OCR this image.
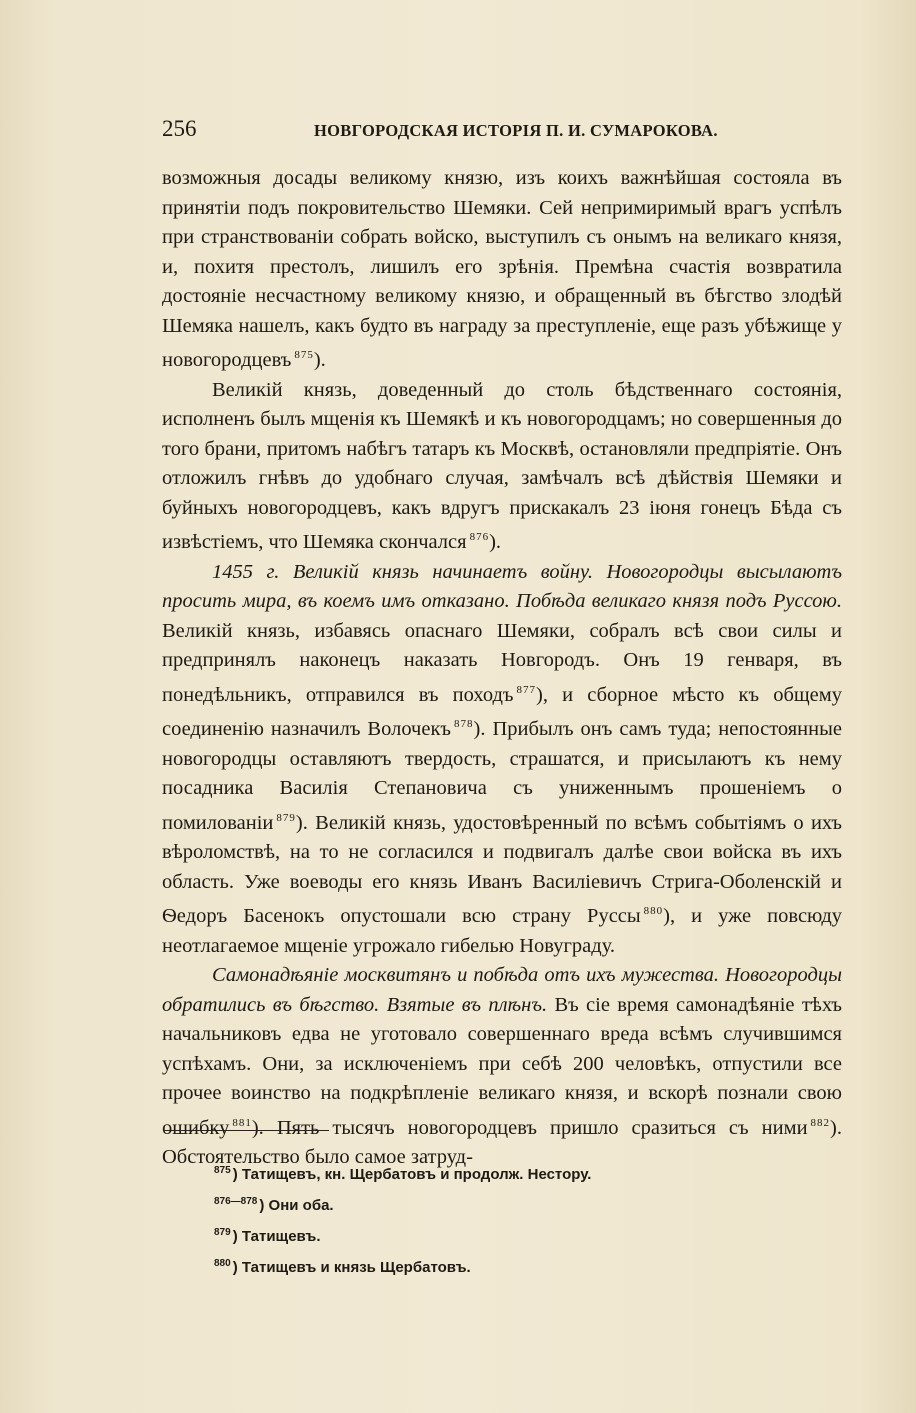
256	НОВГОРОДСКАЯ ИСТОРІЯ П. И. СУМАРОКОВА.

возможныя досады великому князю, изъ коихъ важнѣйшая состояла въ принятіи подъ покровительство Шемяки. Сей непримиримый врагъ успѣлъ при странствованіи собрать войско, выступилъ съ онымъ на великаго князя, и, похитя престолъ, лишилъ его зрѣнія. Премѣна счастія возвратила достояніе несчастному великому князю, и обращенный въ бѣгство злодѣй Шемяка нашелъ, какъ будто въ награду за преступленіе, еще разъ убѣжище у новогородцевъ $^{875}$).

Великій князь, доведенный до столь бѣдственнаго состоянія, исполненъ былъ мщенія къ Шемякѣ и къ новогородцамъ; но совершенныя до того брани, притомъ набѣгъ татаръ къ Москвѣ, остановляли предпріятіе. Онъ отложилъ гнѣвъ до удобнаго случая, замѣчалъ всѣ дѣйствія Шемяки и буйныхъ новогородцевъ, какъ вдругъ прискакалъ 23 іюня гонецъ Бѣда съ извѣстіемъ, что Шемяка скончался $^{876}$).

1455 г. Великій князь начинаетъ войну. Новогородцы высылаютъ просить мира, въ коемъ имъ отказано. Побѣда великаго князя подъ Руссою. Великій князь, избавясь опаснаго Шемяки, собралъ всѣ свои силы и предпринялъ наконецъ наказать Новгородъ. Онъ 19 генваря, въ понедѣльникъ, отправился въ походъ $^{877}$), и сборное мѣсто къ общему соединенію назначилъ Волочекъ $^{878}$). Прибылъ онъ самъ туда; непостоянные новогородцы оставляютъ твердость, страшатся, и присылаютъ къ нему посадника Василія Степановича съ униженнымъ прошеніемъ о помилованіи $^{879}$). Великій князь, удостовѣренный по всѣмъ событіямъ о ихъ вѣроломствѣ, на то не согласился и подвигалъ далѣе свои войска въ ихъ область. Уже воеводы его князь Иванъ Василіевичъ Стрига-Оболенскій и Ѳедоръ Басенокъ опустошали всю страну Руссы $^{880}$), и уже повсюду неотлагаемое мщеніе угрожало гибелью Новуграду.

Самонадѣяніе москвитянъ и побѣда отъ ихъ мужества. Новогородцы обратились въ бѣгство. Взятые въ плѣнъ. Въ сіе время самонадѣяніе тѣхъ начальниковъ едва не уготовало совершеннаго вреда всѣмъ случившимся успѣхамъ. Они, за исключеніемъ при себѣ 200 человѣкъ, отпустили все прочее воинство на подкрѣпленіе великаго князя, и вскорѣ познали свою ошибку $^{881}$). Пять тысячъ новогородцевъ пришло сразиться съ ними $^{882}$). Обстоятельство было самое затруд-

$^{875}$ ) Татищевъ, кн. Щербатовъ и продолж. Нестору.

$^{876—878}$ ) Они оба.

$^{879}$ ) Татищевъ.

$^{880}$ ) Татищевъ и князь Щербатовъ.
